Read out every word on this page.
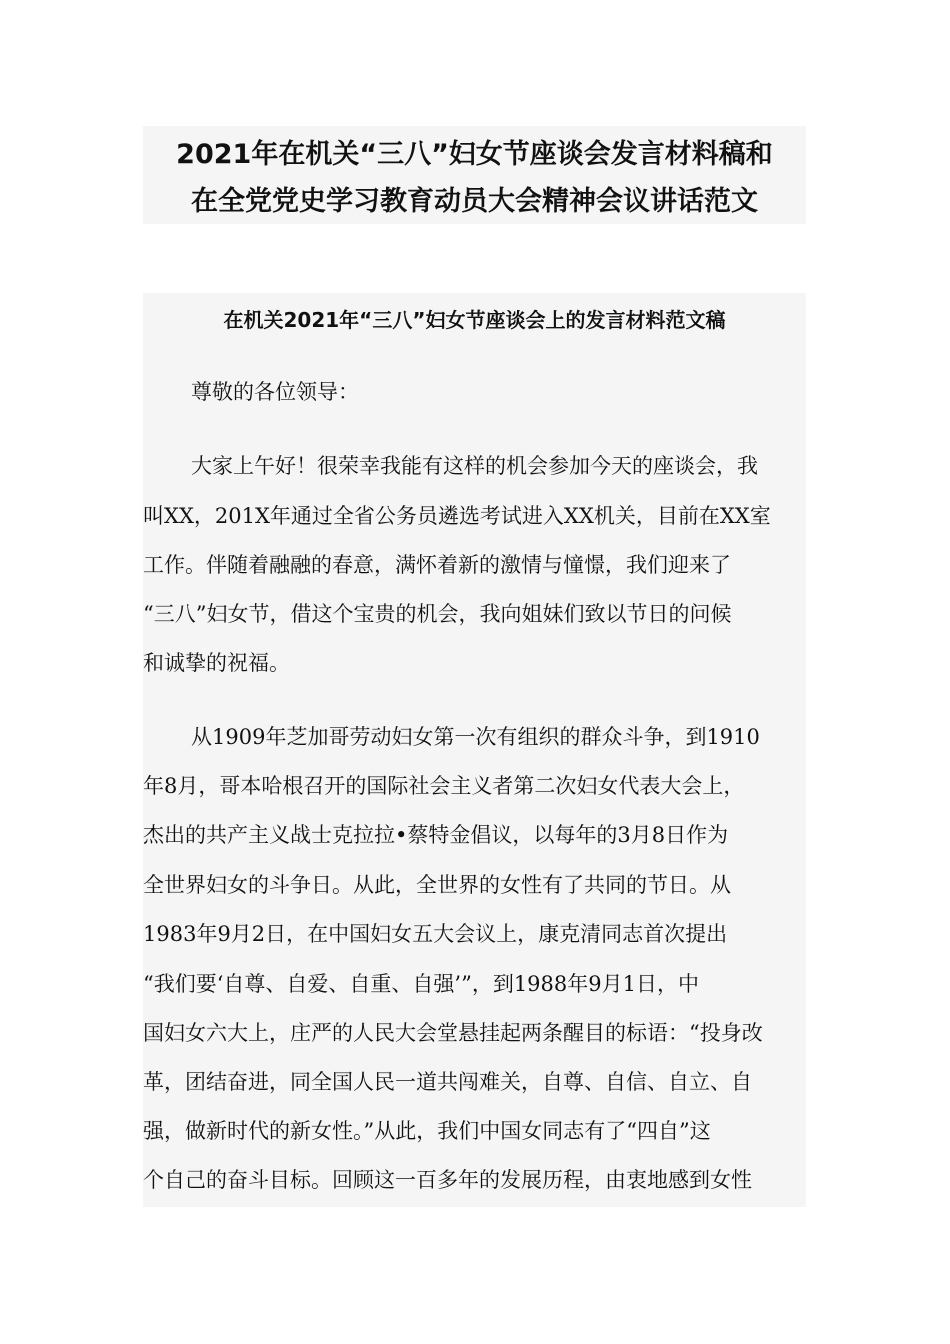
2021年在机关“三八”妇女节座谈会发言材料稿和
在全党党史学习教育动员大会精神会议讲话范文
在机关2021年“三八”妇女节座谈会上的发言材料范文稿
尊敬的各位领导：
大家上午好！很荣幸我能有这样的机会参加今天的座谈会，我
叫XX，201X年通过全省公务员遴选考试进入XX机关，目前在XX室
工作。伴随着融融的春意，满怀着新的激情与憧憬，我们迎来了
“三八”妇女节，借这个宝贵的机会，我向姐妹们致以节日的问候
和诚挚的祝福。
从1909年芝加哥劳动妇女第一次有组织的群众斗争，到1910
年8月，哥本哈根召开的国际社会主义者第二次妇女代表大会上，
杰出的共产主义战士克拉拉•蔡特金倡议，以每年的3月8日作为
全世界妇女的斗争日。从此，全世界的女性有了共同的节日。从
1983年9月2日，在中国妇女五大会议上，康克清同志首次提出
“我们要‘自尊、自爱、自重、自强’”，到1988年9月1日，中
国妇女六大上，庄严的人民大会堂悬挂起两条醒目的标语：“投身改
革，团结奋进，同全国人民一道共闯难关，自尊、自信、自立、自
强，做新时代的新女性。”从此，我们中国女同志有了“四自”这
个自己的奋斗目标。回顾这一百多年的发展历程，由衷地感到女性
